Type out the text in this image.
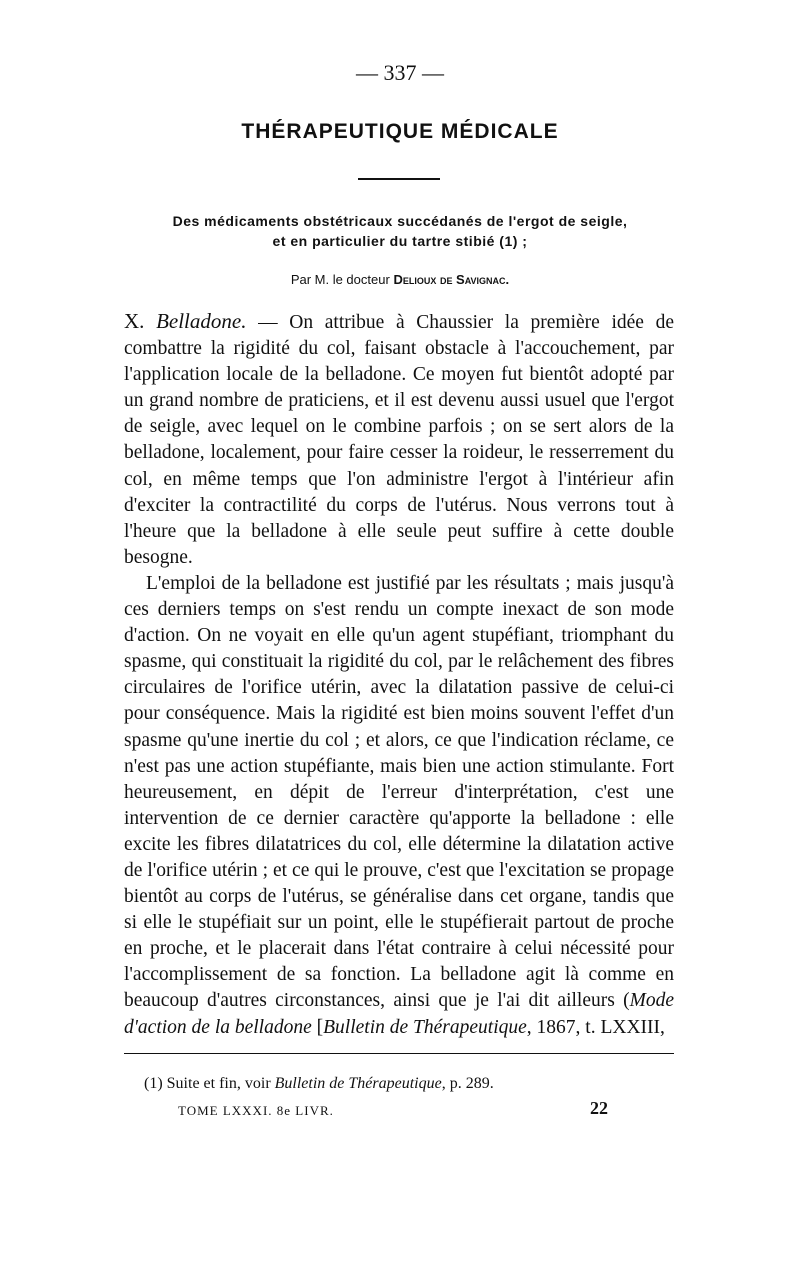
— 337 —
THÉRAPEUTIQUE MÉDICALE
Des médicaments obstétricaux succédanés de l'ergot de seigle,
et en particulier du tartre stibié (1) ;
Par M. le docteur Delioux de Savignac.

X. Belladone. — On attribue à Chaussier la première idée de combattre la rigidité du col, faisant obstacle à l'accouchement, par l'application locale de la belladone. Ce moyen fut bientôt adopté par un grand nombre de praticiens, et il est devenu aussi usuel que l'ergot de seigle, avec lequel on le combine parfois ; on se sert alors de la belladone, localement, pour faire cesser la roideur, le resserrement du col, en même temps que l'on administre l'ergot à l'intérieur afin d'exciter la contractilité du corps de l'utérus. Nous verrons tout à l'heure que la belladone à elle seule peut suffire à cette double besogne.

L'emploi de la belladone est justifié par les résultats ; mais jusqu'à ces derniers temps on s'est rendu un compte inexact de son mode d'action. On ne voyait en elle qu'un agent stupéfiant, triomphant du spasme, qui constituait la rigidité du col, par le relâchement des fibres circulaires de l'orifice utérin, avec la dilatation passive de celui-ci pour conséquence. Mais la rigidité est bien moins souvent l'effet d'un spasme qu'une inertie du col ; et alors, ce que l'indication réclame, ce n'est pas une action stupéfiante, mais bien une action stimulante. Fort heureusement, en dépit de l'erreur d'interprétation, c'est une intervention de ce dernier caractère qu'apporte la belladone : elle excite les fibres dilatatrices du col, elle détermine la dilatation active de l'orifice utérin ; et ce qui le prouve, c'est que l'excitation se propage bientôt au corps de l'utérus, se généralise dans cet organe, tandis que si elle le stupéfiait sur un point, elle le stupéfierait partout de proche en proche, et le placerait dans l'état contraire à celui nécessité pour l'accomplissement de sa fonction. La belladone agit là comme en beaucoup d'autres circonstances, ainsi que je l'ai dit ailleurs (Mode d'action de la belladone [Bulletin de Thérapeutique, 1867, t. LXXIII,

(1) Suite et fin, voir Bulletin de Thérapeutique, p. 289.
TOME LXXXI. 8e LIVR.	22
